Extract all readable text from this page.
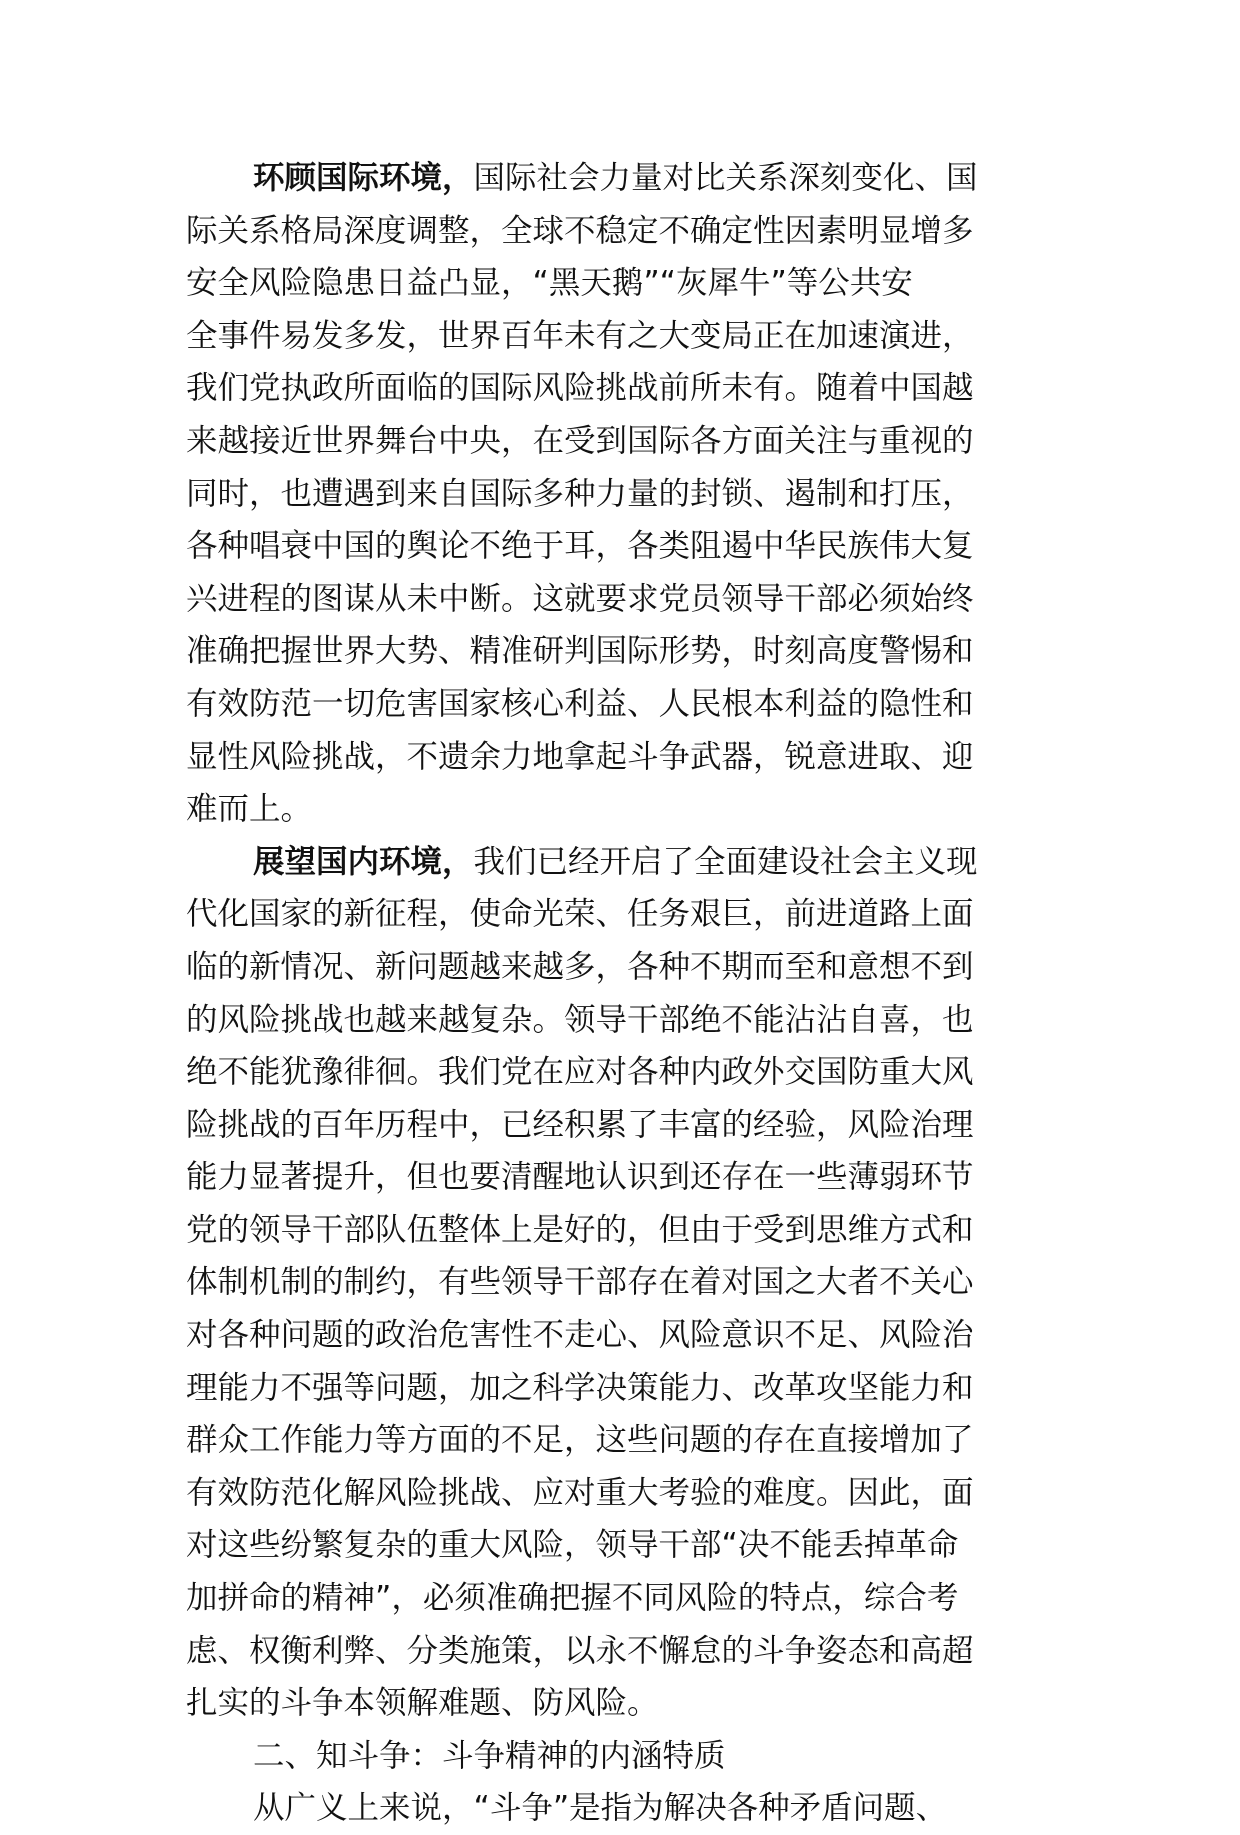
环顾国际环境，国际社会力量对比关系深刻变化、国
际关系格局深度调整，全球不稳定不确定性因素明显增多
安全风险隐患日益凸显，“黑天鹅”“灰犀牛”等公共安
全事件易发多发，世界百年未有之大变局正在加速演进，
我们党执政所面临的国际风险挑战前所未有。随着中国越
来越接近世界舞台中央，在受到国际各方面关注与重视的
同时，也遭遇到来自国际多种力量的封锁、遏制和打压，
各种唱衰中国的舆论不绝于耳，各类阻遏中华民族伟大复
兴进程的图谋从未中断。这就要求党员领导干部必须始终
准确把握世界大势、精准研判国际形势，时刻高度警惕和
有效防范一切危害国家核心利益、人民根本利益的隐性和
显性风险挑战，不遗余力地拿起斗争武器，锐意进取、迎
难而上。
展望国内环境，我们已经开启了全面建设社会主义现
代化国家的新征程，使命光荣、任务艰巨，前进道路上面
临的新情况、新问题越来越多，各种不期而至和意想不到
的风险挑战也越来越复杂。领导干部绝不能沾沾自喜，也
绝不能犹豫徘徊。我们党在应对各种内政外交国防重大风
险挑战的百年历程中，已经积累了丰富的经验，风险治理
能力显著提升，但也要清醒地认识到还存在一些薄弱环节
党的领导干部队伍整体上是好的，但由于受到思维方式和
体制机制的制约，有些领导干部存在着对国之大者不关心
对各种问题的政治危害性不走心、风险意识不足、风险治
理能力不强等问题，加之科学决策能力、改革攻坚能力和
群众工作能力等方面的不足，这些问题的存在直接增加了
有效防范化解风险挑战、应对重大考验的难度。因此，面
对这些纷繁复杂的重大风险，领导干部“决不能丢掉革命
加拼命的精神”，必须准确把握不同风险的特点，综合考
虑、权衡利弊、分类施策，以永不懈怠的斗争姿态和高超
扎实的斗争本领解难题、防风险。
二、知斗争：斗争精神的内涵特质
从广义上来说，“斗争”是指为解决各种矛盾问题、
